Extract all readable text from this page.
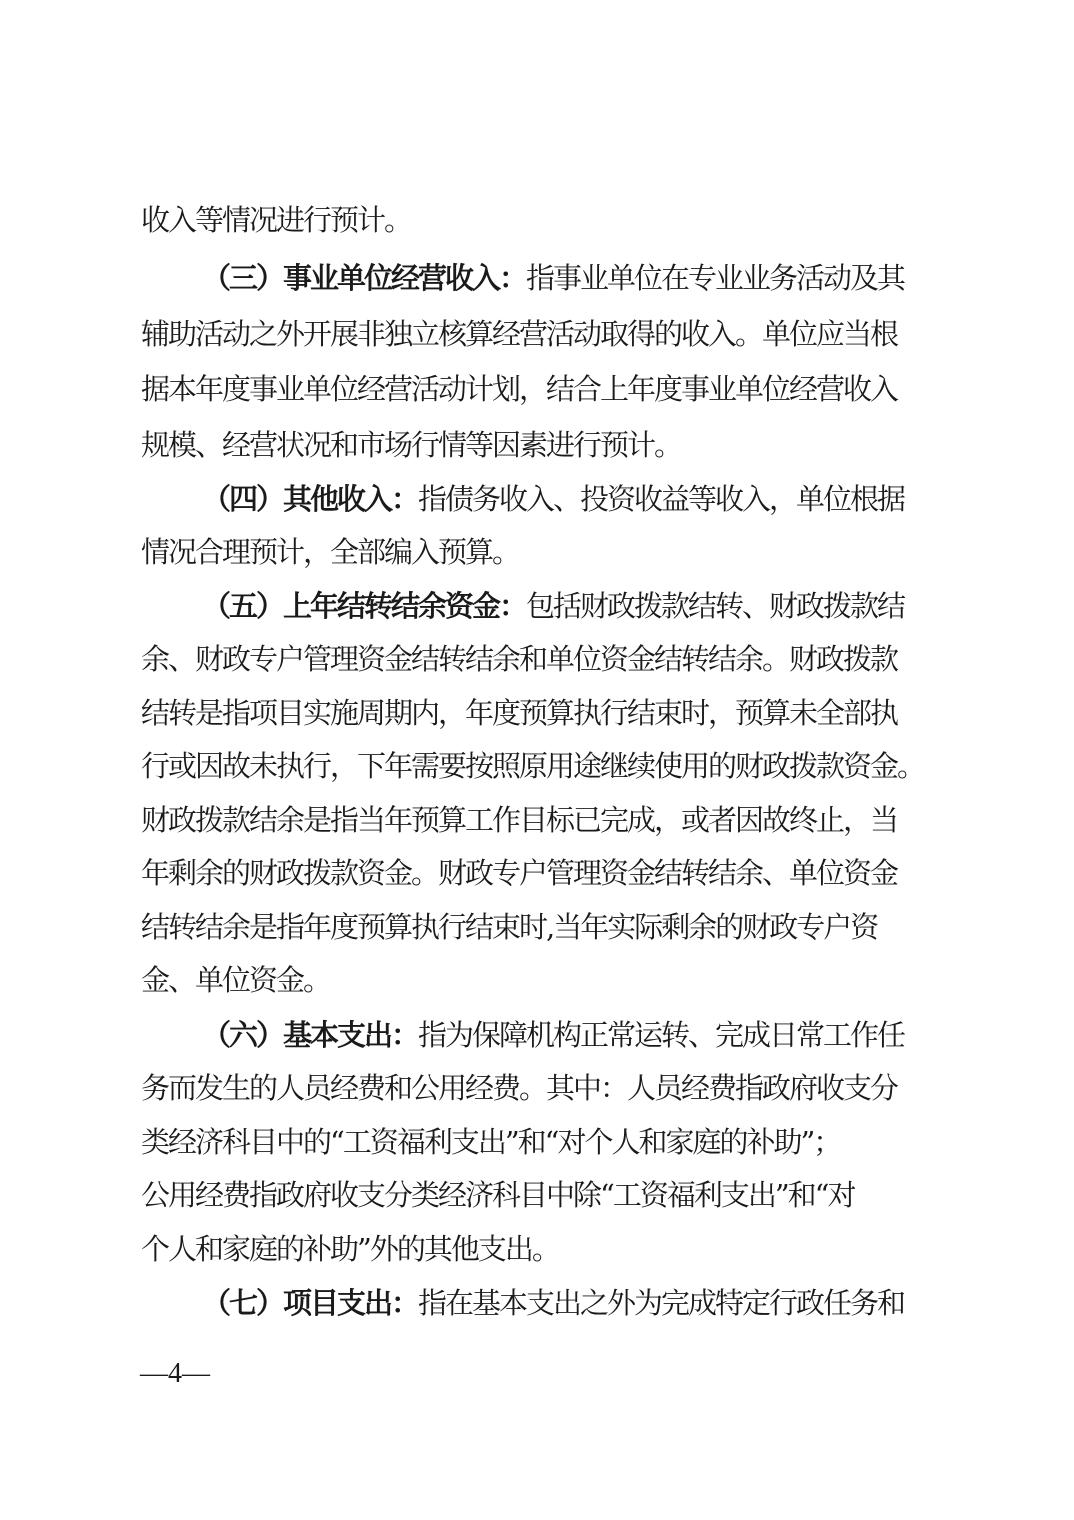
收入等情况进行预计。
（三）事业单位经营收入：指事业单位在专业业务活动及其
辅助活动之外开展非独立核算经营活动取得的收入。单位应当根
据本年度事业单位经营活动计划，结合上年度事业单位经营收入
规模、经营状况和市场行情等因素进行预计。
（四）其他收入：指债务收入、投资收益等收入，单位根据
情况合理预计，全部编入预算。
（五）上年结转结余资金：包括财政拨款结转、财政拨款结
余、财政专户管理资金结转结余和单位资金结转结余。财政拨款
结转是指项目实施周期内，年度预算执行结束时，预算未全部执
行或因故未执行，下年需要按照原用途继续使用的财政拨款资金。
财政拨款结余是指当年预算工作目标已完成，或者因故终止，当
年剩余的财政拨款资金。财政专户管理资金结转结余、单位资金
结转结余是指年度预算执行结束时,当年实际剩余的财政专户资
金、单位资金。
（六）基本支出：指为保障机构正常运转、完成日常工作任
务而发生的人员经费和公用经费。其中：人员经费指政府收支分
类经济科目中的“工资福利支出”和“对个人和家庭的补助”；
公用经费指政府收支分类经济科目中除“工资福利支出”和“对
个人和家庭的补助”外的其他支出。
（七）项目支出：指在基本支出之外为完成特定行政任务和
—4—
